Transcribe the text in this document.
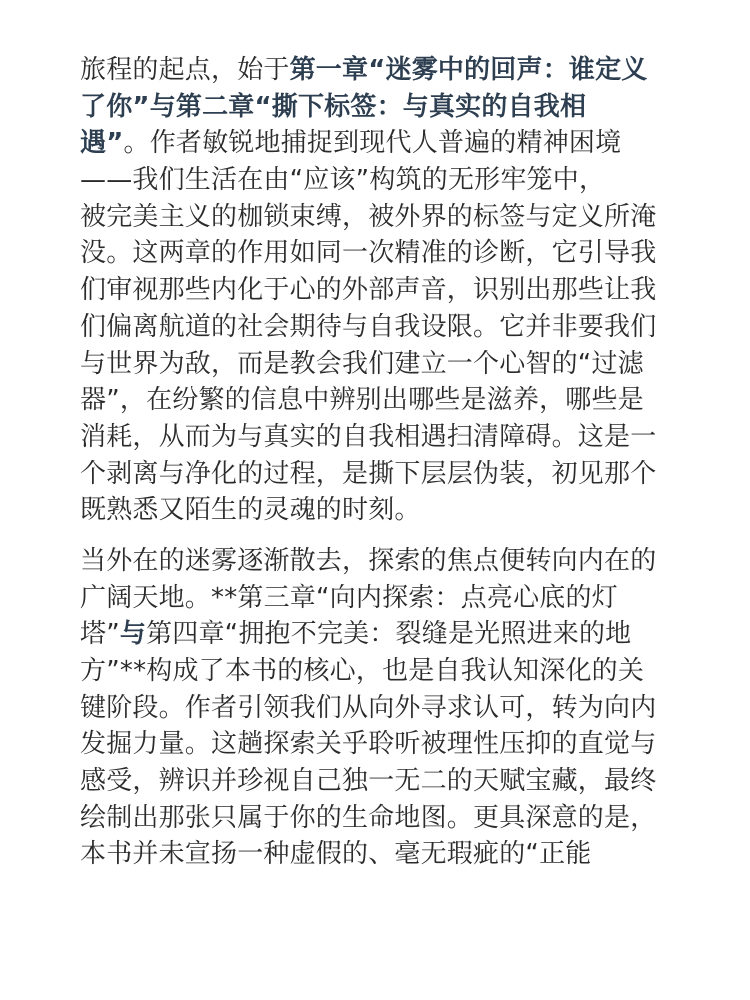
旅程的起点，始于第一章“迷雾中的回声：谁定义
了你”与第二章“撕下标签：与真实的自我相
遇”。作者敏锐地捕捉到现代人普遍的精神困境
——我们生活在由“应该”构筑的无形牢笼中，
被完美主义的枷锁束缚，被外界的标签与定义所淹
没。这两章的作用如同一次精准的诊断，它引导我
们审视那些内化于心的外部声音，识别出那些让我
们偏离航道的社会期待与自我设限。它并非要我们
与世界为敌，而是教会我们建立一个心智的“过滤
器”，在纷繁的信息中辨别出哪些是滋养，哪些是
消耗，从而为与真实的自我相遇扫清障碍。这是一
个剥离与净化的过程，是撕下层层伪装，初见那个
既熟悉又陌生的灵魂的时刻。
当外在的迷雾逐渐散去，探索的焦点便转向内在的
广阔天地。**第三章“向内探索：点亮心底的灯
塔”与第四章“拥抱不完美：裂缝是光照进来的地
方”**构成了本书的核心，也是自我认知深化的关
键阶段。作者引领我们从向外寻求认可，转为向内
发掘力量。这趟探索关乎聆听被理性压抑的直觉与
感受，辨识并珍视自己独一无二的天赋宝藏，最终
绘制出那张只属于你的生命地图。更具深意的是，
本书并未宣扬一种虚假的、毫无瑕疵的“正能
